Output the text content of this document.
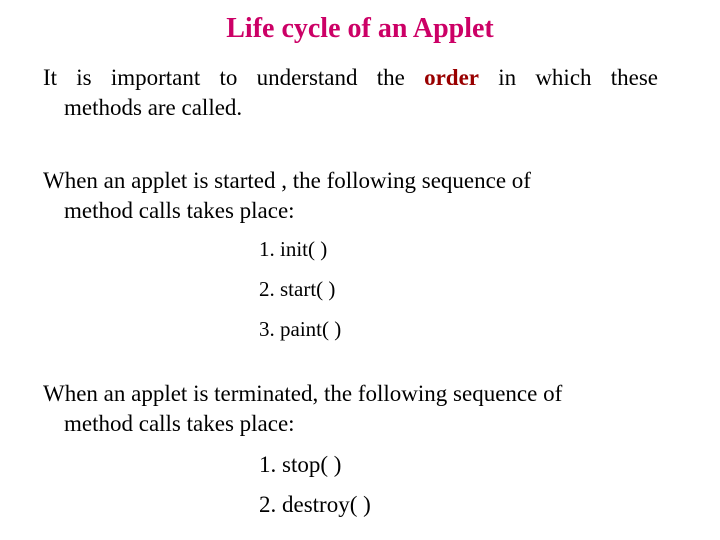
Life cycle of an Applet
It is important to understand the order in which these
methods are called.
When an applet is started , the following sequence of
method calls takes place:
1. init( )
2. start( )
3. paint( )
When an applet is terminated, the following sequence of
method calls takes place:
1. stop( )
2. destroy( )
